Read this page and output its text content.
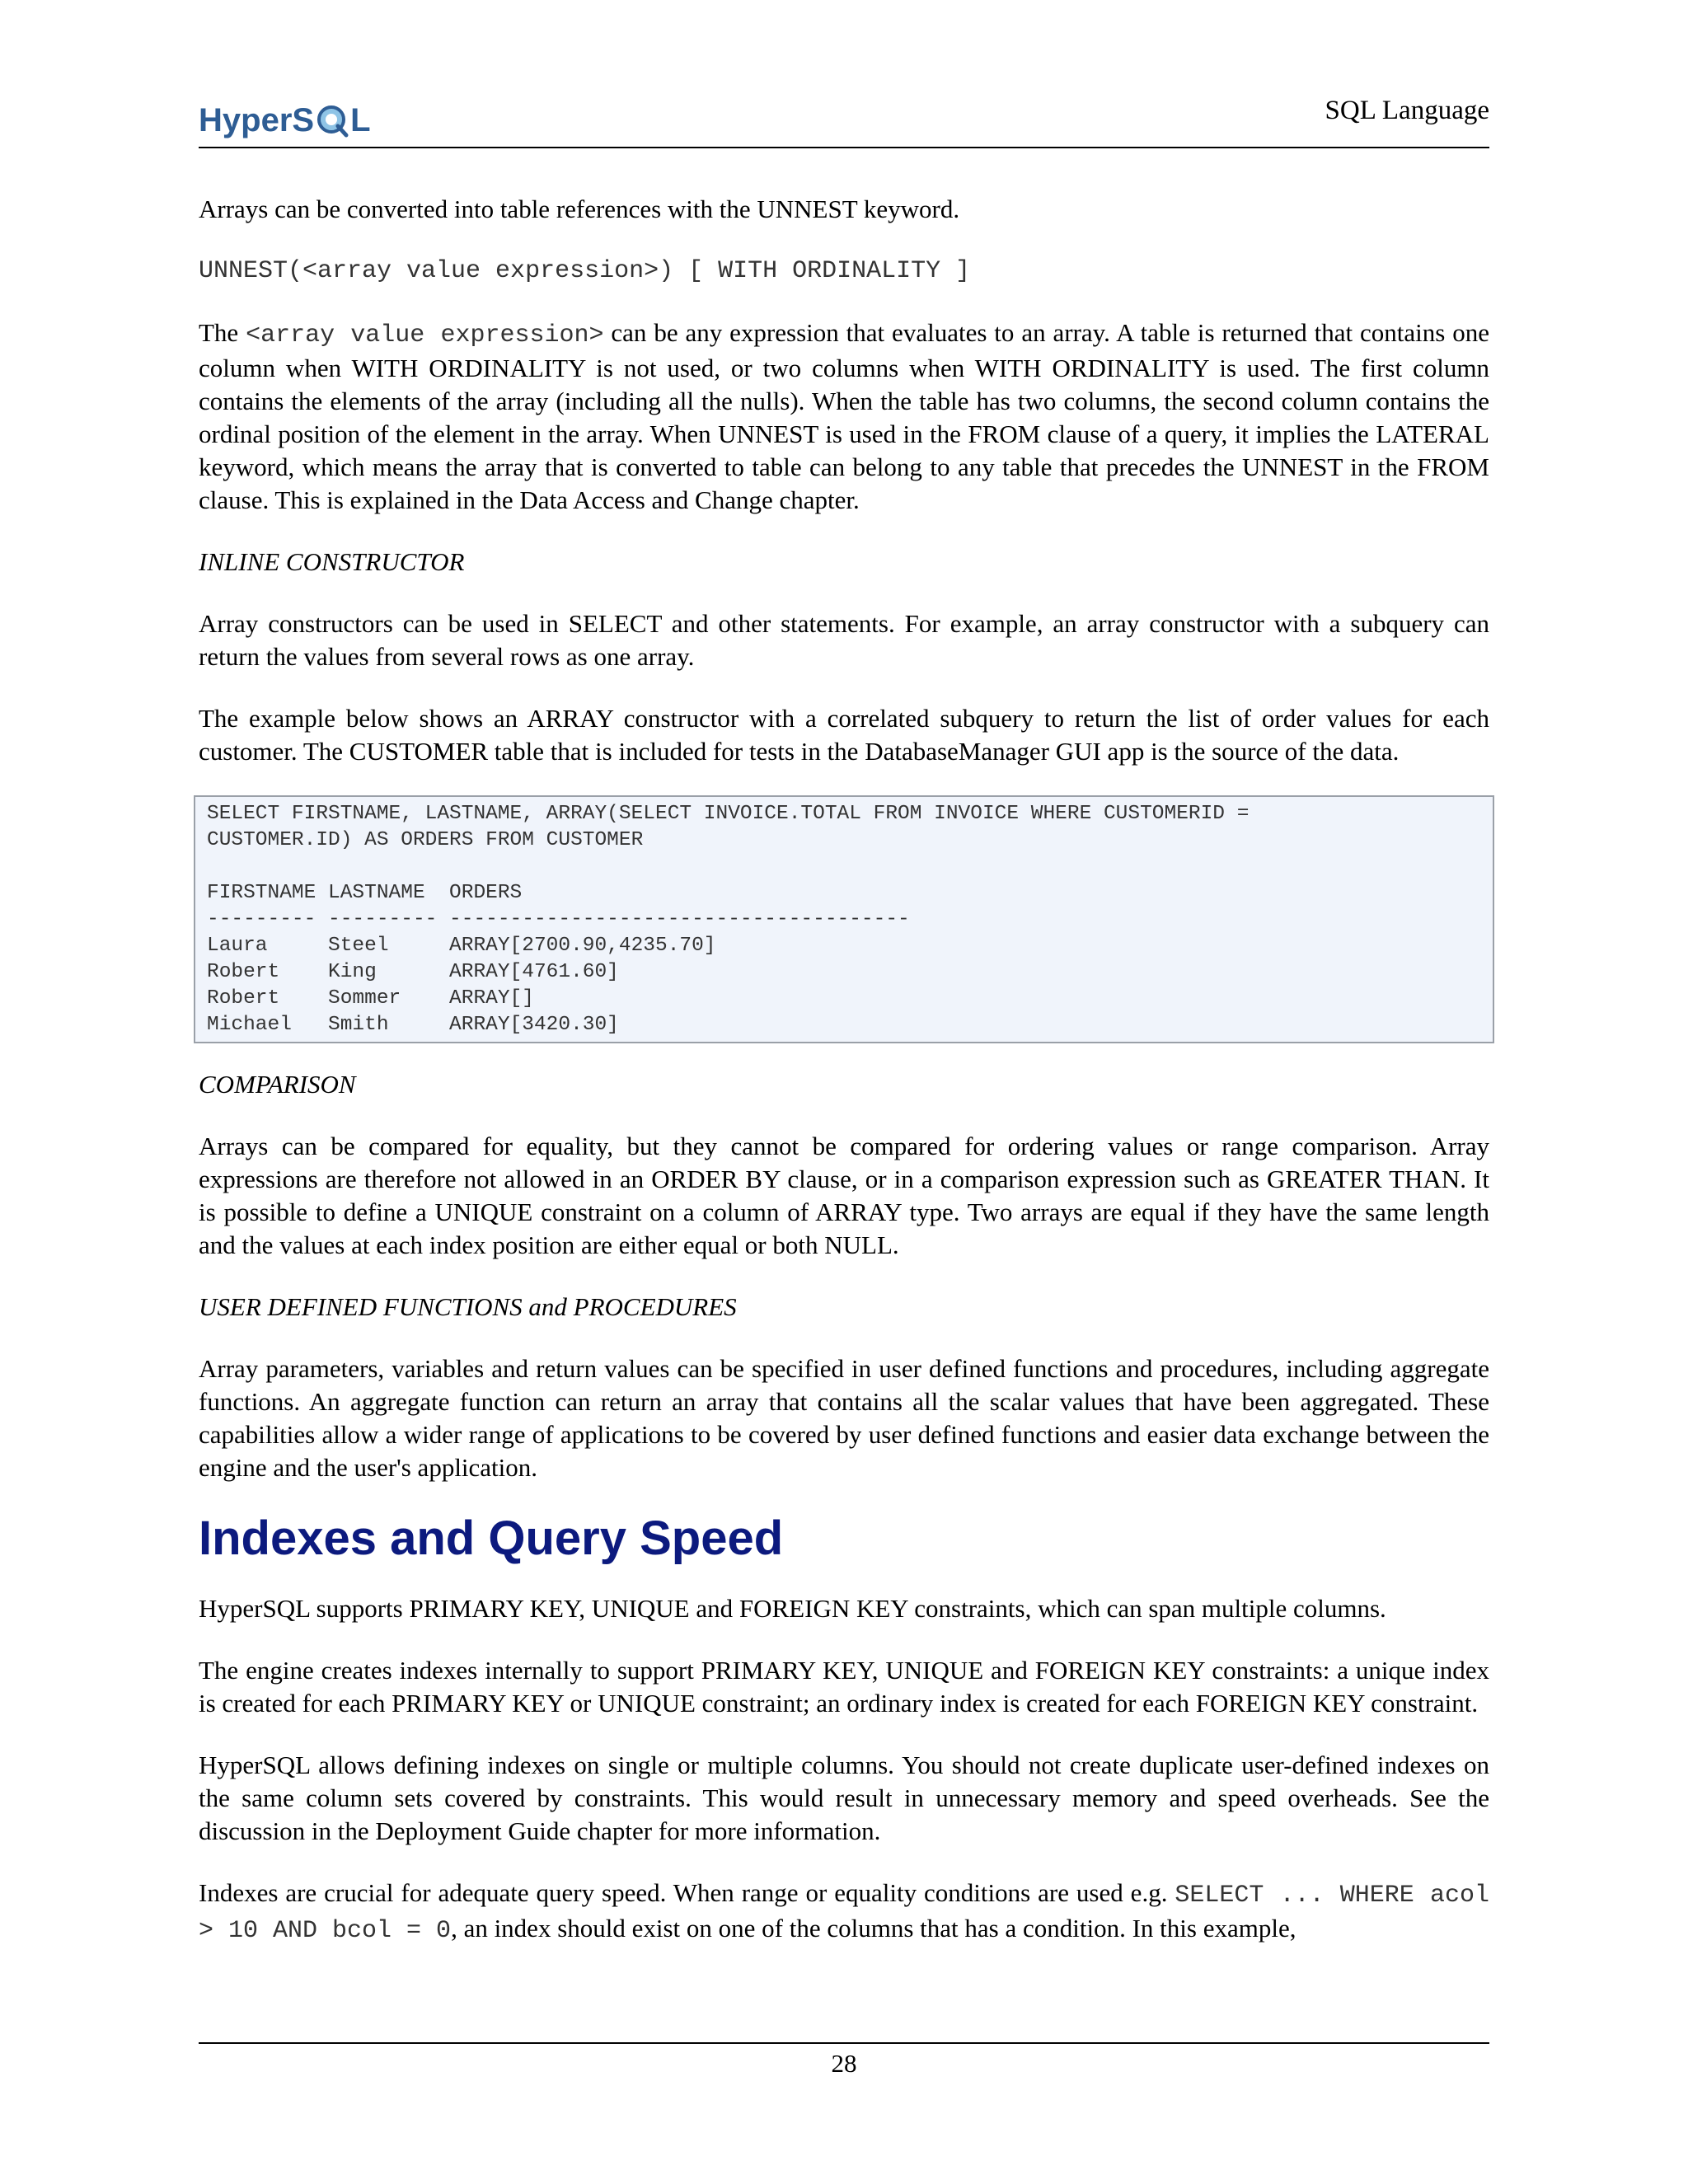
HyperS L	SQL Language

Arrays can be converted into table references with the UNNEST keyword.

UNNEST(<array value expression>) [ WITH ORDINALITY ]

The <array value expression> can be any expression that evaluates to an array. A table is returned that contains one column when WITH ORDINALITY is not used, or two columns when WITH ORDINALITY is used. The first column contains the elements of the array (including all the nulls). When the table has two columns, the second column contains the ordinal position of the element in the array. When UNNEST is used in the FROM clause of a query, it implies the LATERAL keyword, which means the array that is converted to table can belong to any table that precedes the UNNEST in the FROM clause. This is explained in the Data Access and Change chapter.

INLINE CONSTRUCTOR

Array constructors can be used in SELECT and other statements. For example, an array constructor with a subquery can return the values from several rows as one array.

The example below shows an ARRAY constructor with a correlated subquery to return the list of order values for each customer. The CUSTOMER table that is included for tests in the DatabaseManager GUI app is the source of the data.

SELECT FIRSTNAME, LASTNAME, ARRAY(SELECT INVOICE.TOTAL FROM INVOICE WHERE CUSTOMERID =
CUSTOMER.ID) AS ORDERS FROM CUSTOMER

FIRSTNAME LASTNAME  ORDERS
--------- --------- --------------------------------------
Laura     Steel     ARRAY[2700.90,4235.70]
Robert    King      ARRAY[4761.60]
Robert    Sommer    ARRAY[]
Michael   Smith     ARRAY[3420.30]

COMPARISON

Arrays can be compared for equality, but they cannot be compared for ordering values or range comparison. Array expressions are therefore not allowed in an ORDER BY clause, or in a comparison expression such as GREATER THAN. It is possible to define a UNIQUE constraint on a column of ARRAY type. Two arrays are equal if they have the same length and the values at each index position are either equal or both NULL.

USER DEFINED FUNCTIONS and PROCEDURES

Array parameters, variables and return values can be specified in user defined functions and procedures, including aggregate functions. An aggregate function can return an array that contains all the scalar values that have been aggregated. These capabilities allow a wider range of applications to be covered by user defined functions and easier data exchange between the engine and the user's application.

Indexes and Query Speed

HyperSQL supports PRIMARY KEY, UNIQUE and FOREIGN KEY constraints, which can span multiple columns.

The engine creates indexes internally to support PRIMARY KEY, UNIQUE and FOREIGN KEY constraints: a unique index is created for each PRIMARY KEY or UNIQUE constraint; an ordinary index is created for each FOREIGN KEY constraint.

HyperSQL allows defining indexes on single or multiple columns. You should not create duplicate user-defined indexes on the same column sets covered by constraints. This would result in unnecessary memory and speed overheads. See the discussion in the Deployment Guide chapter for more information.

Indexes are crucial for adequate query speed. When range or equality conditions are used e.g. SELECT ... WHERE acol > 10 AND bcol = 0, an index should exist on one of the columns that has a condition. In this example,

28
